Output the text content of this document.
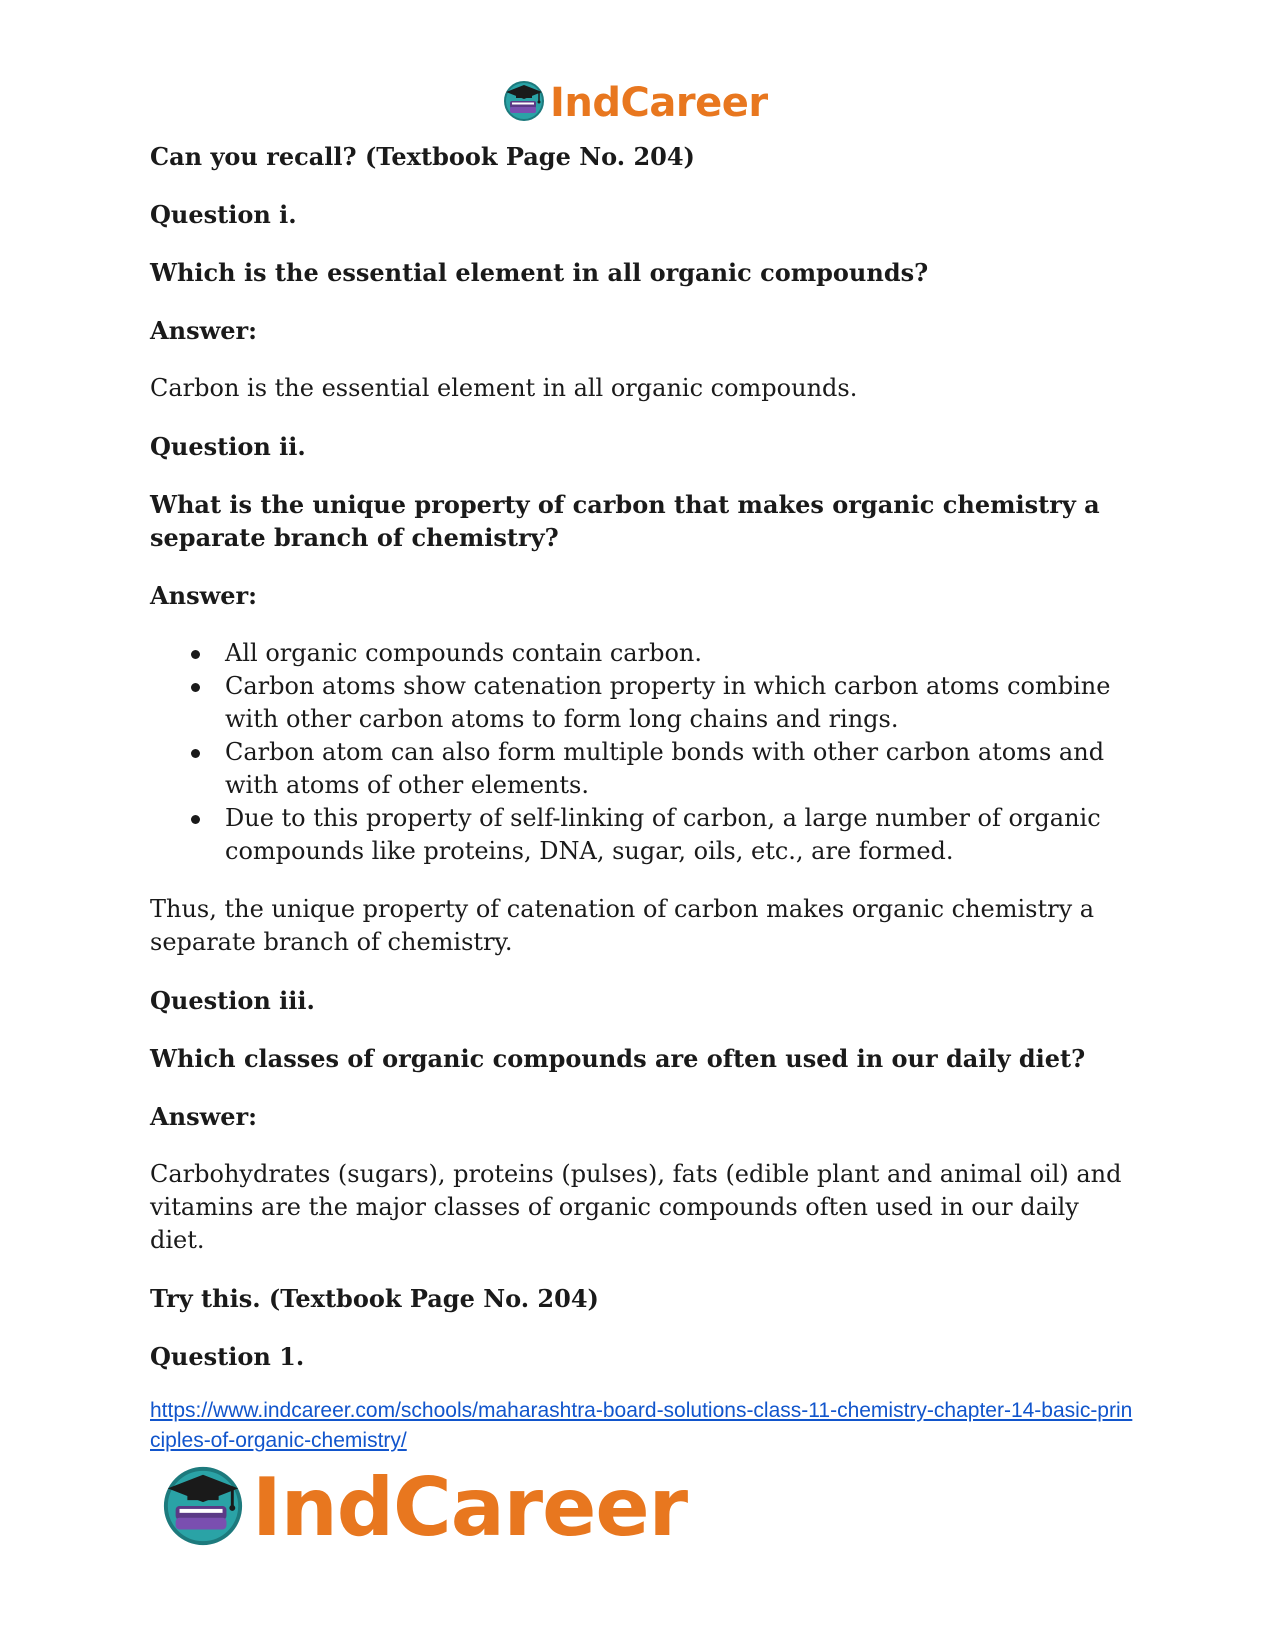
IndCareer
Can you recall? (Textbook Page No. 204)
Question i.
Which is the essential element in all organic compounds?
Answer:
Carbon is the essential element in all organic compounds.
Question ii.
What is the unique property of carbon that makes organic chemistry a separate branch of chemistry?
Answer:
All organic compounds contain carbon.
Carbon atoms show catenation property in which carbon atoms combine with other carbon atoms to form long chains and rings.
Carbon atom can also form multiple bonds with other carbon atoms and with atoms of other elements.
Due to this property of self-linking of carbon, a large number of organic compounds like proteins, DNA, sugar, oils, etc., are formed.
Thus, the unique property of catenation of carbon makes organic chemistry a separate branch of chemistry.
Question iii.
Which classes of organic compounds are often used in our daily diet?
Answer:
Carbohydrates (sugars), proteins (pulses), fats (edible plant and animal oil) and vitamins are the major classes of organic compounds often used in our daily diet.
Try this. (Textbook Page No. 204)
Question 1.
https://www.indcareer.com/schools/maharashtra-board-solutions-class-11-chemistry-chapter-14-basic-principles-of-organic-chemistry/
IndCareer
